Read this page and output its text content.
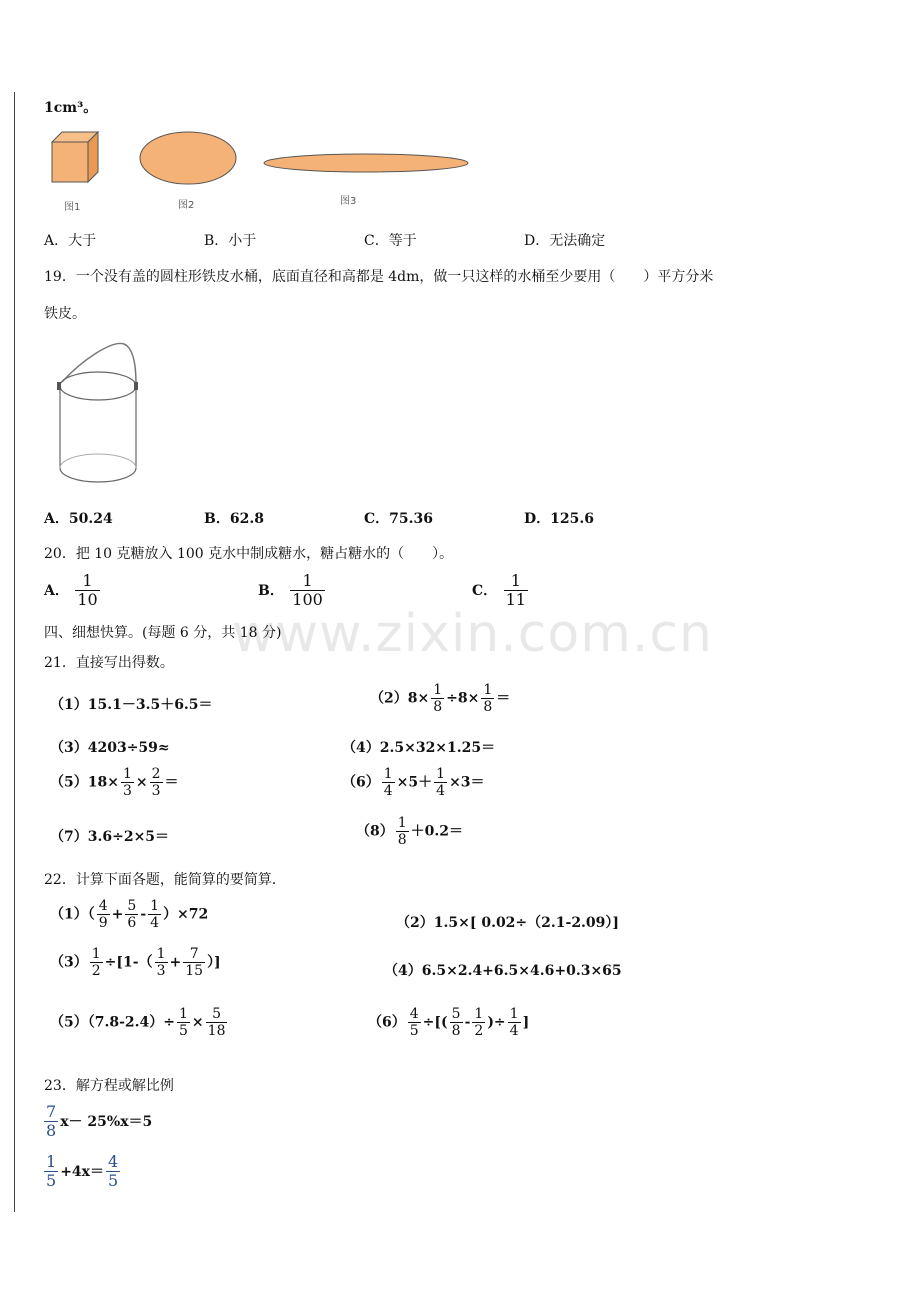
1cm³。
图1	图2	图3
A．大于	B．小于	C．等于	D．无法确定
19．一个没有盖的圆柱形铁皮水桶，底面直径和高都是 4dm，做一只这样的水桶至少要用（　　）平方分米
铁皮。
A．50.24	B．62.8	C．75.36	D．125.6
20．把 10 克糖放入 100 克水中制成糖水，糖占糖水的（　　）。
A． $\frac{1}{10}$	B． $\frac{1}{100}$	C． $\frac{1}{11}$
四、细想快算。(每题 6 分，共 18 分)
www.zixin.com.cn
21．直接写出得数。
（1）15.1－3.5＋6.5＝	$(2)8\times \frac{1}{8} \div 8\times \frac{1}{8}$ ＝
（3）4203÷59≈	（4）2.5×32×1.25＝
$(5)18\times \frac{1}{3} \times \frac{2}{3}$ ＝	$(6) \frac{1}{4} \times 5+ \frac{1}{4} \times 3=$
（7）3.6÷2×5＝	$(8) \frac{1}{8} +0.2=$
22．计算下面各题，能简算的要简算．
$(1)( \frac{4}{9} + \frac{5}{6} - \frac{1}{4} )\times 72$
（2）1.5×[ 0.02÷（2.1-2.09）]
$(3) \frac{1}{2} \div[1-( \frac{1}{3} + \frac{7}{15}$ ）]
（4）6.5×2.4+6.5×4.6+0.3×65
$(5)(7.8-2.4)\div \frac{1}{5} \times \frac{5}{18}$	$(6) \frac{4}{5}$ ÷[( $\frac{5}{8} - \frac{1}{2}$ )÷ $\frac{1}{4}$ ]
23．解方程或解比例
$\frac{7}{8} x- 25\%x=5$
$\frac{1}{5} +4x= \frac{4}{5}$
